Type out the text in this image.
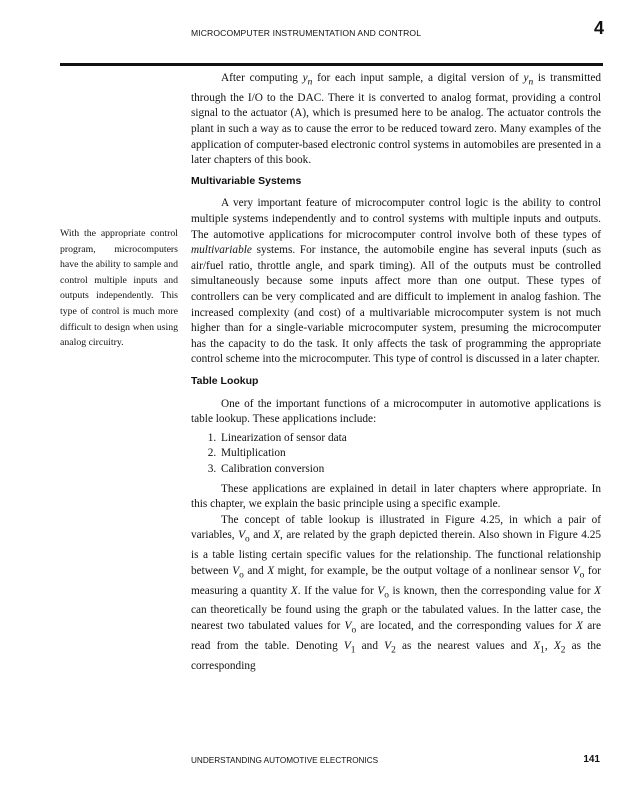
MICROCOMPUTER INSTRUMENTATION AND CONTROL	4
With the appropriate control program, microcomputers have the ability to sample and control multiple inputs and outputs independently. This type of control is much more difficult to design when using analog circuitry.

After computing $y_n$ for each input sample, a digital version of $y_n$ is transmitted through the I/O to the DAC. There it is converted to analog format, providing a control signal to the actuator (A), which is presumed here to be analog. The actuator controls the plant in such a way as to cause the error to be reduced toward zero. Many examples of the application of computer-based electronic control systems in automobiles are presented in a later chapters of this book.

Multivariable Systems

A very important feature of microcomputer control logic is the ability to control multiple systems independently and to control systems with multiple inputs and outputs. The automotive applications for microcomputer control involve both of these types of multivariable systems. For instance, the automobile engine has several inputs (such as air/fuel ratio, throttle angle, and spark timing). All of the outputs must be controlled simultaneously because some inputs affect more than one output. These types of controllers can be very complicated and are difficult to implement in analog fashion. The increased complexity (and cost) of a multivariable microcomputer system is not much higher than for a single-variable microcomputer system, presuming the microcomputer has the capacity to do the task. It only affects the task of programming the appropriate control scheme into the microcomputer. This type of control is discussed in a later chapter.

Table Lookup

One of the important functions of a microcomputer in automotive applications is table lookup. These applications include:

1. Linearization of sensor data
2. Multiplication
3. Calibration conversion

These applications are explained in detail in later chapters where appropriate. In this chapter, we explain the basic principle using a specific example.

The concept of table lookup is illustrated in Figure 4.25, in which a pair of variables, $V_o$ and X, are related by the graph depicted therein. Also shown in Figure 4.25 is a table listing certain specific values for the relationship. The functional relationship between $V_o$ and X might, for example, be the output voltage of a nonlinear sensor $V_o$ for measuring a quantity X. If the value for $V_o$ is known, then the corresponding value for X can theoretically be found using the graph or the tabulated values. In the latter case, the nearest two tabulated values for $V_o$ are located, and the corresponding values for X are read from the table. Denoting $V_1$ and $V_2$ as the nearest values and $X_1$, $X_2$ as the corresponding

UNDERSTANDING AUTOMOTIVE ELECTRONICS	141
